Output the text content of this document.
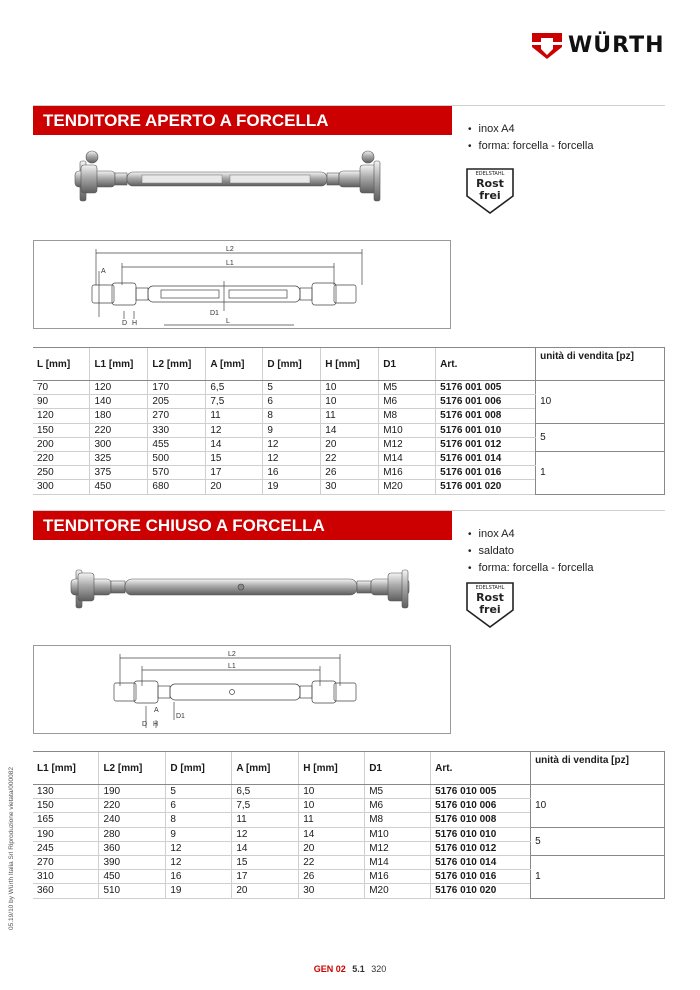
WÜRTH
TENDITORE APERTO A FORCELLA	• inox A4
• forma: forcella - forcella
EDELSTAHL
Rost
frei
L2
L1
L
D1
A
D H
L [mm]	L1 [mm]	L2 [mm]	A [mm]	D [mm]	H [mm]	D1	Art.	unità di vendita [pz]
70	120	170	6,5	5	10	M5	5176 001 005	10
90	140	205	7,5	6	10	M6	5176 001 006	
120	180	270	11	8	11	M8	5176 001 008	
150	220	330	12	9	14	M10	5176 001 010	5
200	300	455	14	12	20	M12	5176 001 012	
220	325	500	15	12	22	M14	5176 001 014	1
250	375	570	17	16	26	M16	5176 001 016	
300	450	680	20	19	30	M20	5176 001 020	
TENDITORE CHIUSO A FORCELLA	• inox A4
• saldato
• forma: forcella - forcella
EDELSTAHL
Rost
frei
L2
L1
D1
A
D H
L1 [mm]	L2 [mm]	D [mm]	A [mm]	H [mm]	D1	Art.	unità di vendita [pz]
130	190	5	6,5	10	M5	5176 010 005	10
150	220	6	7,5	10	M6	5176 010 006	
165	240	8	11	11	M8	5176 010 008	
190	280	9	12	14	M10	5176 010 010	5
245	360	12	14	20	M12	5176 010 012	
270	390	12	15	22	M14	5176 010 014	1
310	450	16	17	26	M16	5176 010 016	
360	510	19	20	30	M20	5176 010 020	
05.19/10 by Würth Italia Srl Riproduzione vietata/000082
GEN 02 5.1 320
